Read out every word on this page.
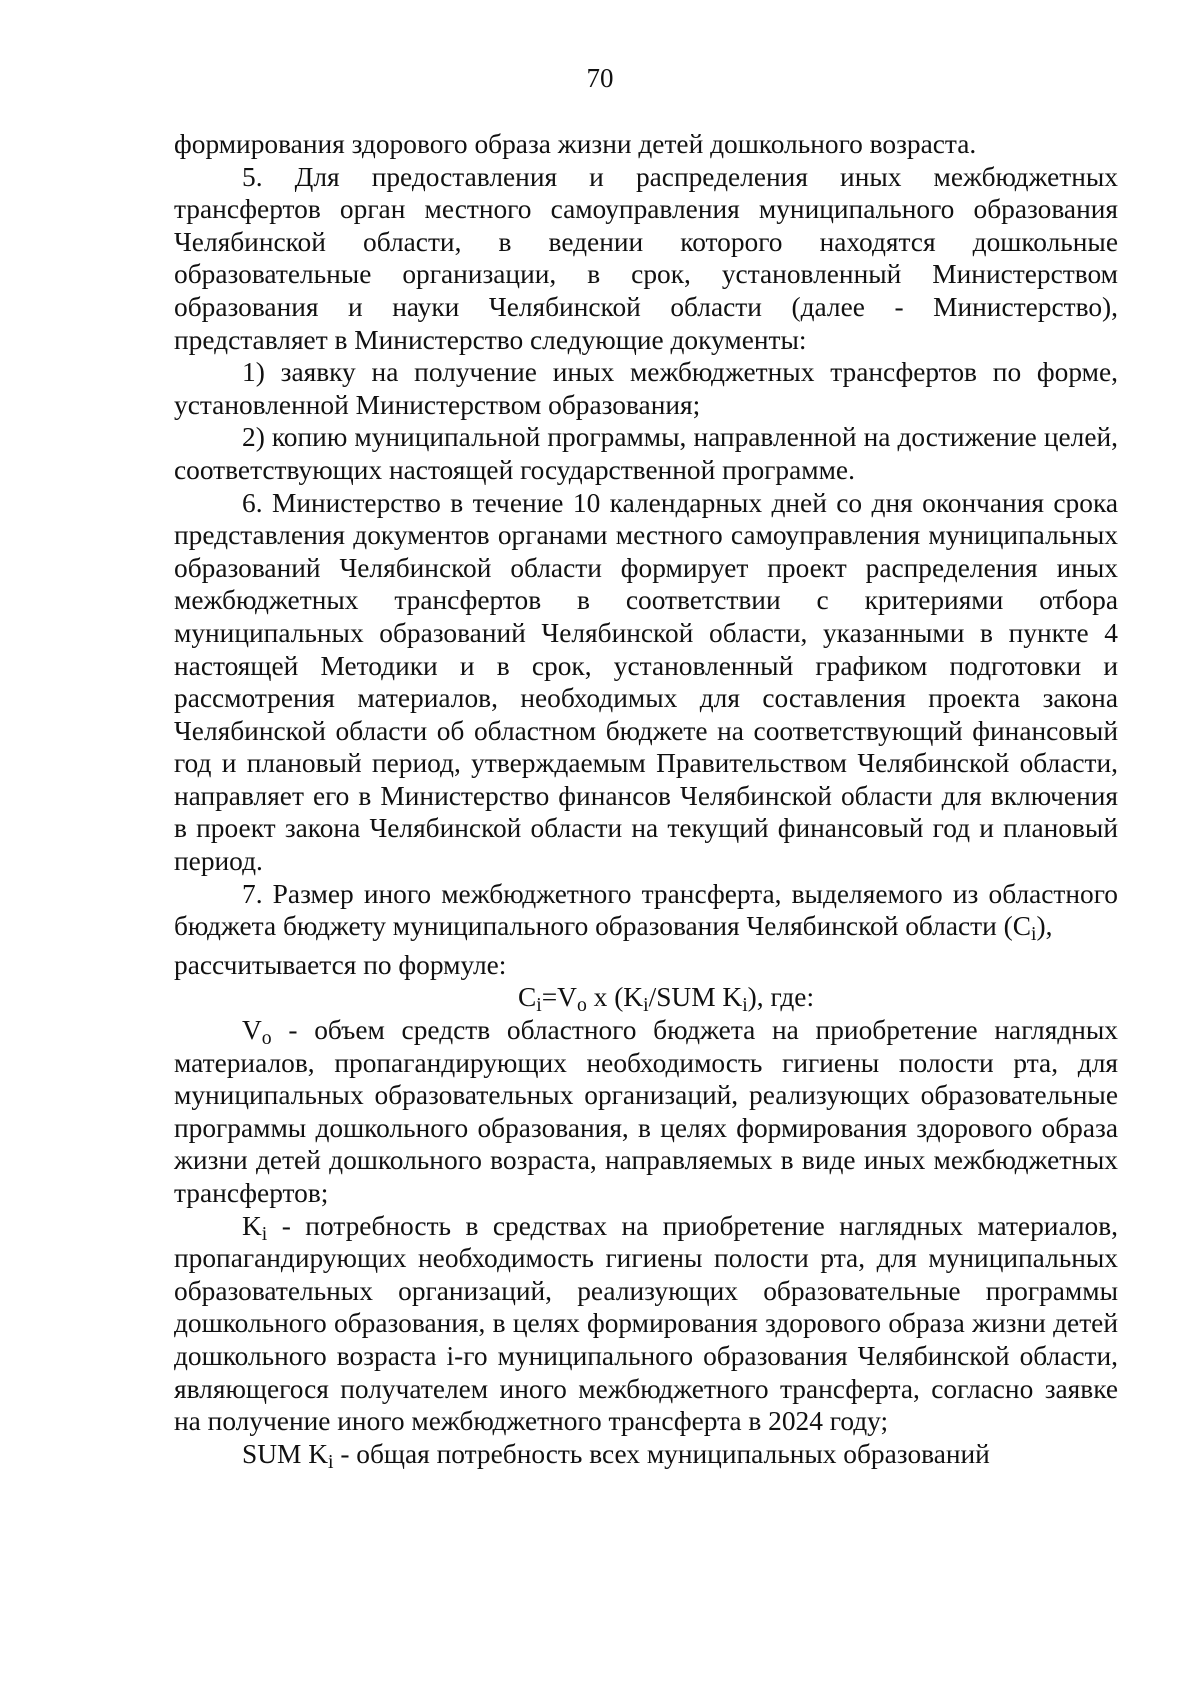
70

формирования здорового образа жизни детей дошкольного возраста.

5. Для предоставления и распределения иных межбюджетных трансфертов орган местного самоуправления муниципального образования Челябинской области, в ведении которого находятся дошкольные образовательные организации, в срок, установленный Министерством образования и науки Челябинской области (далее - Министерство), представляет в Министерство следующие документы:

1) заявку на получение иных межбюджетных трансфертов по форме, установленной Министерством образования;

2) копию муниципальной программы, направленной на достижение целей, соответствующих настоящей государственной программе.

6. Министерство в течение 10 календарных дней со дня окончания срока представления документов органами местного самоуправления муниципальных образований Челябинской области формирует проект распределения иных межбюджетных трансфертов в соответствии с критериями отбора муниципальных образований Челябинской области, указанными в пункте 4 настоящей Методики и в срок, установленный графиком подготовки и рассмотрения материалов, необходимых для составления проекта закона Челябинской области об областном бюджете на соответствующий финансовый год и плановый период, утверждаемым Правительством Челябинской области, направляет его в Министерство финансов Челябинской области для включения в проект закона Челябинской области на текущий финансовый год и плановый период.

7. Размер иного межбюджетного трансферта, выделяемого из областного бюджета бюджету муниципального образования Челябинской области $(C_i)$,

рассчитывается по формуле:

$C_i=V_o$ x ($K_i$/SUM $K_i$), где:

$V_o$ - объем средств областного бюджета на приобретение наглядных материалов, пропагандирующих необходимость гигиены полости рта, для муниципальных образовательных организаций, реализующих образовательные программы дошкольного образования, в целях формирования здорового образа жизни детей дошкольного возраста, направляемых в виде иных межбюджетных трансфертов;

$K_i$ - потребность в средствах на приобретение наглядных материалов, пропагандирующих необходимость гигиены полости рта, для муниципальных образовательных организаций, реализующих образовательные программы дошкольного образования, в целях формирования здорового образа жизни детей дошкольного возраста i-го муниципального образования Челябинской области, являющегося получателем иного межбюджетного трансферта, согласно заявке на получение иного межбюджетного трансферта в 2024 году;

SUM $K_i$ - общая потребность всех муниципальных образований
